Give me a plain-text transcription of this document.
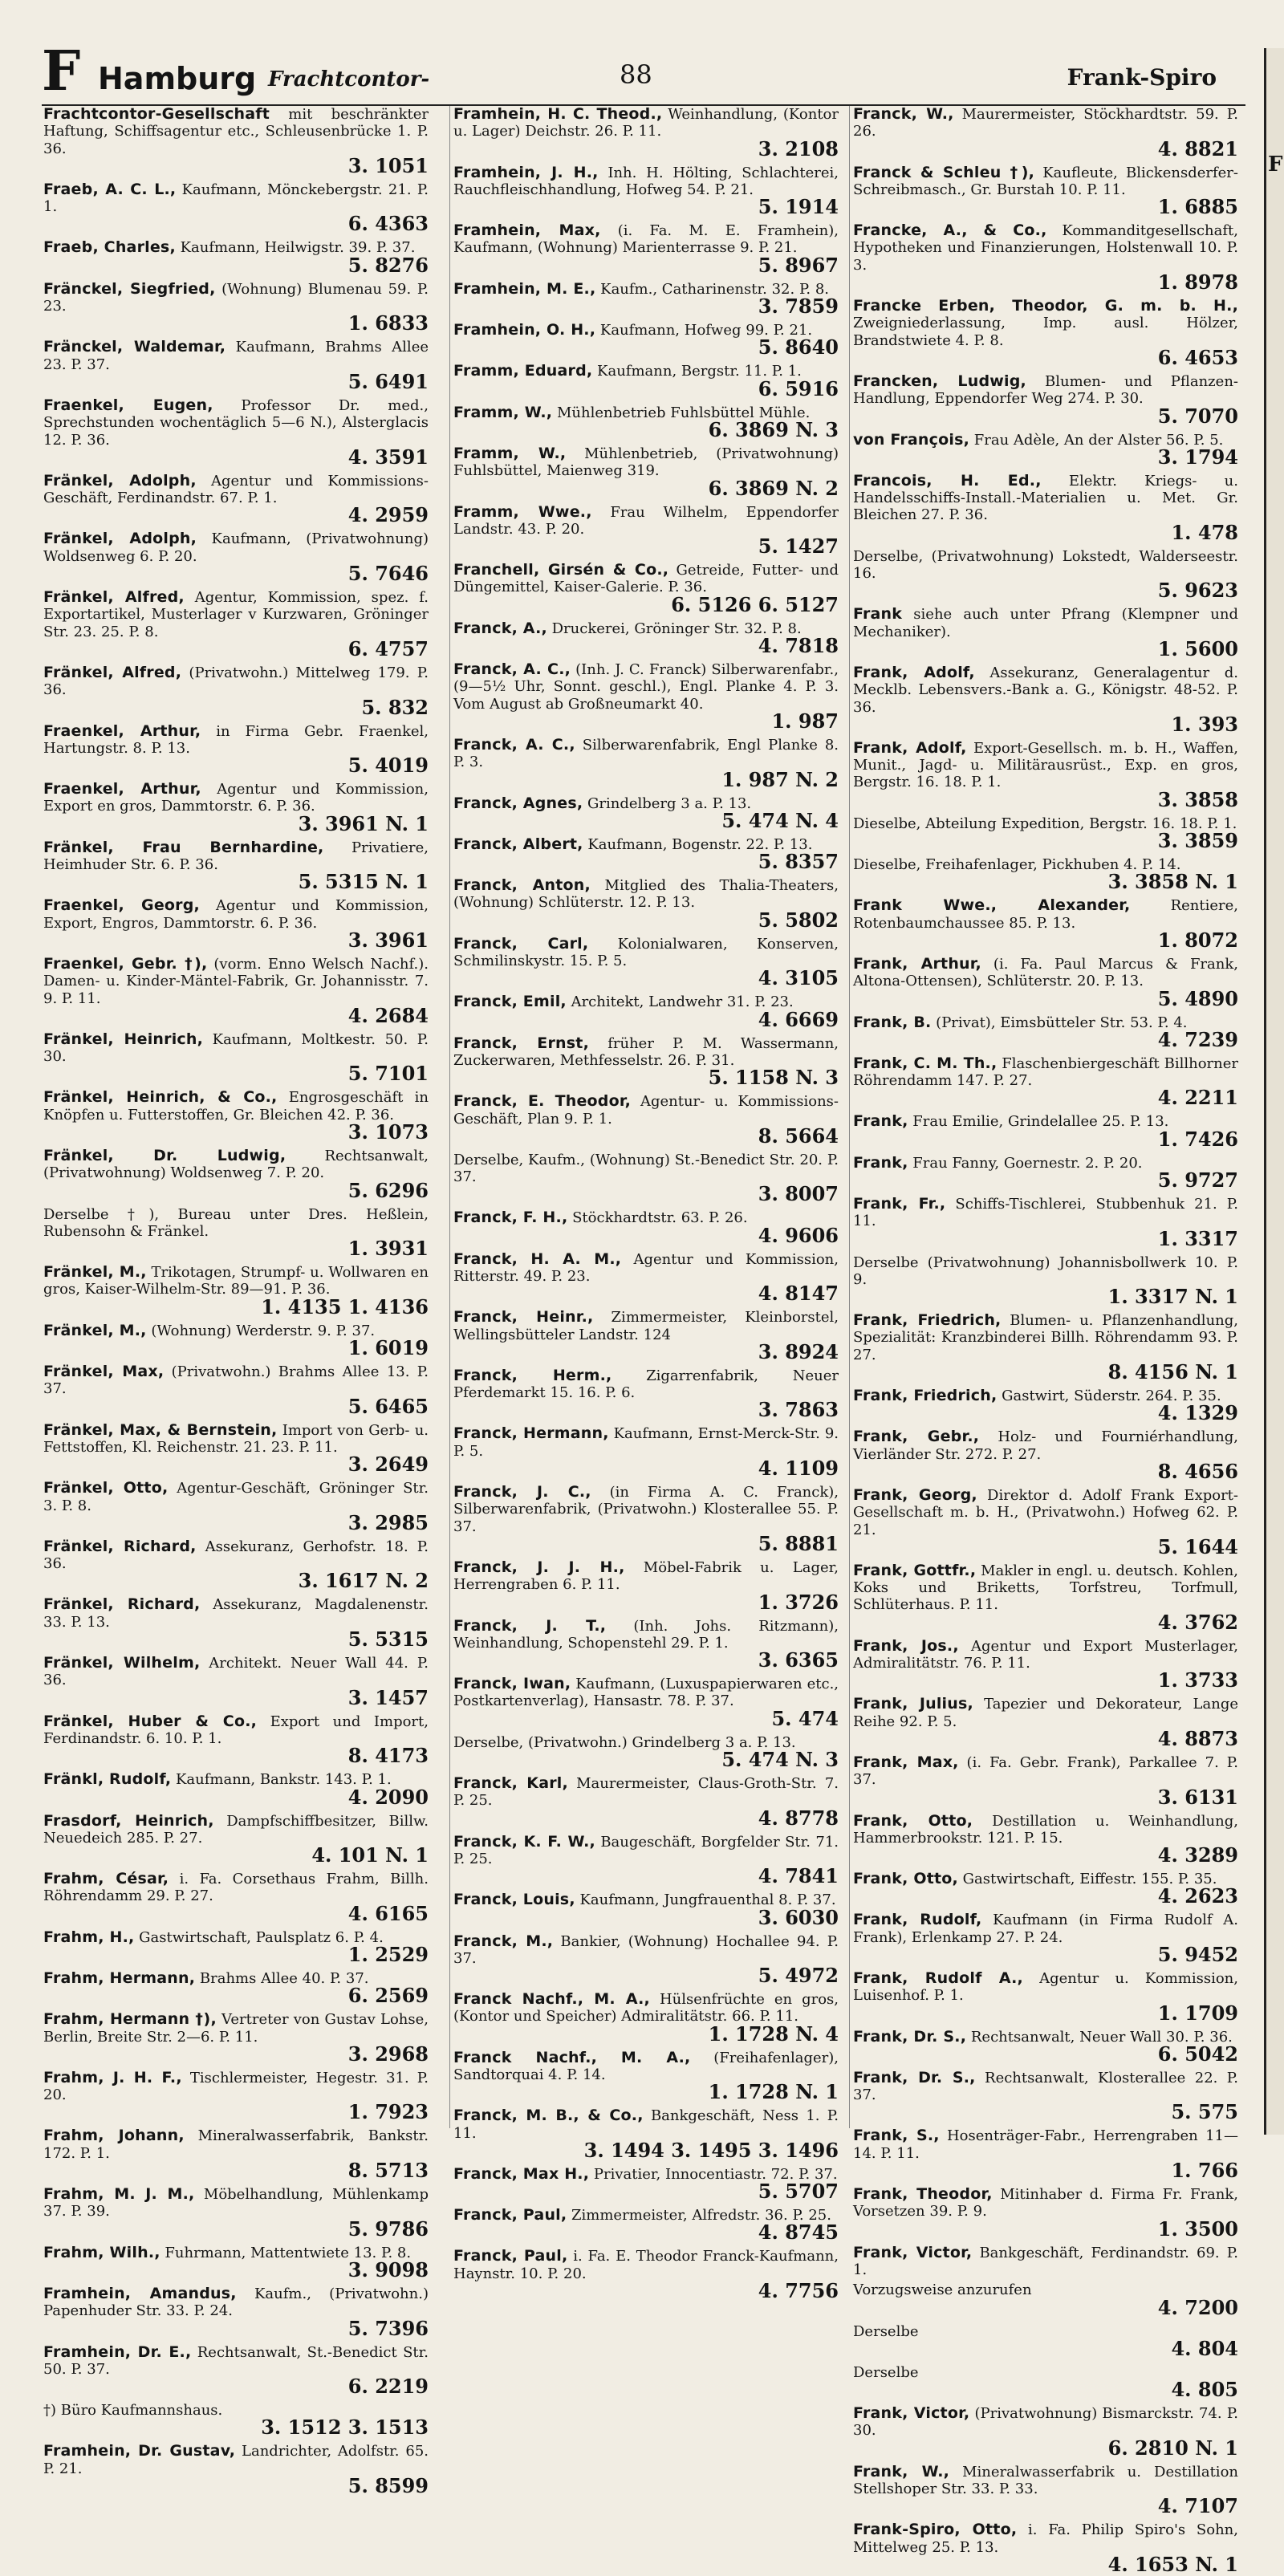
F Hamburg Frachtcontor-	88	Frank-Spiro
Frachtcontor-Gesellschaft mit beschränkter Haftung, Schiffsagentur etc., Schleusenbrücke 1. P. 36.
3. 1051
Fraeb, A. C. L., Kaufmann, Mönckebergstr. 21. P. 1.
6. 4363
Fraeb, Charles, Kaufmann, Heilwigstr. 39. P. 37.
5. 8276
Fränckel, Siegfried, (Wohnung) Blumenau 59. P. 23.
1. 6833
Fränckel, Waldemar, Kaufmann, Brahms Allee 23. P. 37.
5. 6491
Fraenkel, Eugen, Professor Dr. med., Sprechstunden wochentäglich 5—6 N.), Alsterglacis 12. P. 36.
4. 3591
Fränkel, Adolph, Agentur und Kommissions-Geschäft, Ferdinandstr. 67. P. 1.
4. 2959
Fränkel, Adolph, Kaufmann, (Privatwohnung) Woldsenweg 6. P. 20.
5. 7646
Fränkel, Alfred, Agentur, Kommission, spez. f. Exportartikel, Musterlager v Kurzwaren, Gröninger Str. 23. 25. P. 8.
6. 4757
Fränkel, Alfred, (Privatwohn.) Mittelweg 179. P. 36.
5. 832
Fraenkel, Arthur, in Firma Gebr. Fraenkel, Hartungstr. 8. P. 13.
5. 4019
Fraenkel, Arthur, Agentur und Kommission, Export en gros, Dammtorstr. 6. P. 36.
3. 3961 N. 1
Fränkel, Frau Bernhardine, Privatiere, Heimhuder Str. 6. P. 36.
5. 5315 N. 1
Fraenkel, Georg, Agentur und Kommission, Export, Engros, Dammtorstr. 6. P. 36.
3. 3961
Fraenkel, Gebr. †), (vorm. Enno Welsch Nachf.). Damen- u. Kinder-Mäntel-Fabrik, Gr. Johannisstr. 7. 9. P. 11.
4. 2684
Fränkel, Heinrich, Kaufmann, Moltkestr. 50. P. 30.
5. 7101
Fränkel, Heinrich, & Co., Engrosgeschäft in Knöpfen u. Futterstoffen, Gr. Bleichen 42. P. 36.
3. 1073
Fränkel, Dr. Ludwig, Rechtsanwalt, (Privatwohnung) Woldsenweg 7. P. 20.
5. 6296
Derselbe †), Bureau unter Dres. Heßlein, Rubensohn & Fränkel.
1. 3931
Fränkel, M., Trikotagen, Strumpf- u. Wollwaren en gros, Kaiser-Wilhelm-Str. 89—91. P. 36.
1. 4135 1. 4136
Fränkel, M., (Wohnung) Werderstr. 9. P. 37.
1. 6019
Fränkel, Max, (Privatwohn.) Brahms Allee 13. P. 37.
5. 6465
Fränkel, Max, & Bernstein, Import von Gerb- u. Fettstoffen, Kl. Reichenstr. 21. 23. P. 11.
3. 2649
Fränkel, Otto, Agentur-Geschäft, Gröninger Str. 3. P. 8.
3. 2985
Fränkel, Richard, Assekuranz, Gerhofstr. 18. P. 36.
3. 1617 N. 2
Fränkel, Richard, Assekuranz, Magdalenenstr. 33. P. 13.
5. 5315
Fränkel, Wilhelm, Architekt. Neuer Wall 44. P. 36.
3. 1457
Fränkel, Huber & Co., Export und Import, Ferdinandstr. 6. 10. P. 1.
8. 4173
Fränkl, Rudolf, Kaufmann, Bankstr. 143. P. 1.
4. 2090
Frasdorf, Heinrich, Dampfschiffbesitzer, Billw. Neuedeich 285. P. 27.
4. 101 N. 1
Frahm, César, i. Fa. Corsethaus Frahm, Billh. Röhrendamm 29. P. 27.
4. 6165
Frahm, H., Gastwirtschaft, Paulsplatz 6. P. 4.
1. 2529
Frahm, Hermann, Brahms Allee 40. P. 37.
6. 2569
Frahm, Hermann †), Vertreter von Gustav Lohse, Berlin, Breite Str. 2—6. P. 11.
3. 2968
Frahm, J. H. F., Tischlermeister, Hegestr. 31. P. 20.
1. 7923
Frahm, Johann, Mineralwasserfabrik, Bankstr. 172. P. 1.
8. 5713
Frahm, M. J. M., Möbelhandlung, Mühlenkamp 37. P. 39.
5. 9786
Frahm, Wilh., Fuhrmann, Mattentwiete 13. P. 8.
3. 9098
Framhein, Amandus, Kaufm., (Privatwohn.) Papenhuder Str. 33. P. 24.
5. 7396
Framhein, Dr. E., Rechtsanwalt, St.-Benedict Str. 50. P. 37.
6. 2219
†) Büro Kaufmannshaus.
3. 1512 3. 1513
Framhein, Dr. Gustav, Landrichter, Adolfstr. 65. P. 21.
5. 8599
Framhein, H. C. Theod., Weinhandlung, (Kontor u. Lager) Deichstr. 26. P. 11.
3. 2108
Framhein, J. H., Inh. H. Hölting, Schlachterei, Rauchfleischhandlung, Hofweg 54. P. 21.
5. 1914
Framhein, Max, (i. Fa. M. E. Framhein), Kaufmann, (Wohnung) Marienterrasse 9. P. 21.
5. 8967
Framhein, M. E., Kaufm., Catharinenstr. 32. P. 8.
3. 7859
Framhein, O. H., Kaufmann, Hofweg 99. P. 21.
5. 8640
Framm, Eduard, Kaufmann, Bergstr. 11. P. 1.
6. 5916
Framm, W., Mühlenbetrieb Fuhlsbüttel Mühle.
6. 3869 N. 3
Framm, W., Mühlenbetrieb, (Privatwohnung) Fuhlsbüttel, Maienweg 319.
6. 3869 N. 2
Framm, Wwe., Frau Wilhelm, Eppendorfer Landstr. 43. P. 20.
5. 1427
Franchell, Girsén & Co., Getreide, Futter- und Düngemittel, Kaiser-Galerie. P. 36.
6. 5126 6. 5127
Franck, A., Druckerei, Gröninger Str. 32. P. 8.
4. 7818
Franck, A. C., (Inh. J. C. Franck) Silberwarenfabr., (9—5½ Uhr, Sonnt. geschl.), Engl. Planke 4. P. 3. Vom August ab Großneumarkt 40.
1. 987
Franck, A. C., Silberwarenfabrik, Engl Planke 8. P. 3.
1. 987 N. 2
Franck, Agnes, Grindelberg 3 a. P. 13.
5. 474 N. 4
Franck, Albert, Kaufmann, Bogenstr. 22. P. 13.
5. 8357
Franck, Anton, Mitglied des Thalia-Theaters, (Wohnung) Schlüterstr. 12. P. 13.
5. 5802
Franck, Carl, Kolonialwaren, Konserven, Schmilinskystr. 15. P. 5.
4. 3105
Franck, Emil, Architekt, Landwehr 31. P. 23.
4. 6669
Franck, Ernst, früher P. M. Wassermann, Zuckerwaren, Methfesselstr. 26. P. 31.
5. 1158 N. 3
Franck, E. Theodor, Agentur- u. Kommissions-Geschäft, Plan 9. P. 1.
8. 5664
Derselbe, Kaufm., (Wohnung) St.-Benedict Str. 20. P. 37.
3. 8007
Franck, F. H., Stöckhardtstr. 63. P. 26.
4. 9606
Franck, H. A. M., Agentur und Kommission, Ritterstr. 49. P. 23.
4. 8147
Franck, Heinr., Zimmermeister, Kleinborstel, Wellingsbütteler Landstr. 124
3. 8924
Franck, Herm., Zigarrenfabrik, Neuer Pferdemarkt 15. 16. P. 6.
3. 7863
Franck, Hermann, Kaufmann, Ernst-Merck-Str. 9. P. 5.
4. 1109
Franck, J. C., (in Firma A. C. Franck), Silberwarenfabrik, (Privatwohn.) Klosterallee 55. P. 37.
5. 8881
Franck, J. J. H., Möbel-Fabrik u. Lager, Herrengraben 6. P. 11.
1. 3726
Franck, J. T., (Inh. Johs. Ritzmann), Weinhandlung, Schopenstehl 29. P. 1.
3. 6365
Franck, Iwan, Kaufmann, (Luxuspapierwaren etc., Postkartenverlag), Hansastr. 78. P. 37.
5. 474
Derselbe, (Privatwohn.) Grindelberg 3 a. P. 13.
5. 474 N. 3
Franck, Karl, Maurermeister, Claus-Groth-Str. 7. P. 25.
4. 8778
Franck, K. F. W., Baugeschäft, Borgfelder Str. 71. P. 25.
4. 7841
Franck, Louis, Kaufmann, Jungfrauenthal 8. P. 37.
3. 6030
Franck, M., Bankier, (Wohnung) Hochallee 94. P. 37.
5. 4972
Franck Nachf., M. A., Hülsenfrüchte en gros, (Kontor und Speicher) Admiralitätstr. 66. P. 11.
1. 1728 N. 4
Franck Nachf., M. A., (Freihafenlager), Sandtorquai 4. P. 14.
1. 1728 N. 1
Franck, M. B., & Co., Bankgeschäft, Ness 1. P. 11.
3. 1494 3. 1495 3. 1496
Franck, Max H., Privatier, Innocentiastr. 72. P. 37.
5. 5707
Franck, Paul, Zimmermeister, Alfredstr. 36. P. 25.
4. 8745
Franck, Paul, i. Fa. E. Theodor Franck-Kaufmann, Haynstr. 10. P. 20.
4. 7756
Franck, W., Maurermeister, Stöckhardtstr. 59. P. 26.
4. 8821
Franck & Schleu †), Kaufleute, Blickensderfer-Schreibmasch., Gr. Burstah 10. P. 11.
1. 6885
Francke, A., & Co., Kommanditgesellschaft, Hypotheken und Finanzierungen, Holstenwall 10. P. 3.
1. 8978
Francke Erben, Theodor, G. m. b. H., Zweigniederlassung, Imp. ausl. Hölzer, Brandstwiete 4. P. 8.
6. 4653
Francken, Ludwig, Blumen- und Pflanzen-Handlung, Eppendorfer Weg 274. P. 30.
5. 7070
von François, Frau Adèle, An der Alster 56. P. 5.
3. 1794
Francois, H. Ed., Elektr. Kriegs- u. Handelsschiffs-Install.-Materialien u. Met. Gr. Bleichen 27. P. 36.
1. 478
Derselbe, (Privatwohnung) Lokstedt, Walderseestr. 16.
5. 9623
Frank siehe auch unter Pfrang (Klempner und Mechaniker).
1. 5600
Frank, Adolf, Assekuranz, Generalagentur d. Mecklb. Lebensvers.-Bank a. G., Königstr. 48-52. P. 36.
1. 393
Frank, Adolf, Export-Gesellsch. m. b. H., Waffen, Munit., Jagd- u. Militärausrüst., Exp. en gros, Bergstr. 16. 18. P. 1.
3. 3858
Dieselbe, Abteilung Expedition, Bergstr. 16. 18. P. 1.
3. 3859
Dieselbe, Freihafenlager, Pickhuben 4. P. 14.
3. 3858 N. 1
Frank Wwe., Alexander, Rentiere, Rotenbaumchaussee 85. P. 13.
1. 8072
Frank, Arthur, (i. Fa. Paul Marcus & Frank, Altona-Ottensen), Schlüterstr. 20. P. 13.
5. 4890
Frank, B. (Privat), Eimsbütteler Str. 53. P. 4.
4. 7239
Frank, C. M. Th., Flaschenbiergeschäft Billhorner Röhrendamm 147. P. 27.
4. 2211
Frank, Frau Emilie, Grindelallee 25. P. 13.
1. 7426
Frank, Frau Fanny, Goernestr. 2. P. 20.
5. 9727
Frank, Fr., Schiffs-Tischlerei, Stubbenhuk 21. P. 11.
1. 3317
Derselbe (Privatwohnung) Johannisbollwerk 10. P. 9.
1. 3317 N. 1
Frank, Friedrich, Blumen- u. Pflanzenhandlung, Spezialität: Kranzbinderei Billh. Röhrendamm 93. P. 27.
8. 4156 N. 1
Frank, Friedrich, Gastwirt, Süderstr. 264. P. 35.
4. 1329
Frank, Gebr., Holz- und Fourniérhandlung, Vierländer Str. 272. P. 27.
8. 4656
Frank, Georg, Direktor d. Adolf Frank Export-Gesellschaft m. b. H., (Privatwohn.) Hofweg 62. P. 21.
5. 1644
Frank, Gottfr., Makler in engl. u. deutsch. Kohlen, Koks und Briketts, Torfstreu, Torfmull, Schlüterhaus. P. 11.
4. 3762
Frank, Jos., Agentur und Export Musterlager, Admiralitätstr. 76. P. 11.
1. 3733
Frank, Julius, Tapezier und Dekorateur, Lange Reihe 92. P. 5.
4. 8873
Frank, Max, (i. Fa. Gebr. Frank), Parkallee 7. P. 37.
3. 6131
Frank, Otto, Destillation u. Weinhandlung, Hammerbrookstr. 121. P. 15.
4. 3289
Frank, Otto, Gastwirtschaft, Eiffestr. 155. P. 35.
4. 2623
Frank, Rudolf, Kaufmann (in Firma Rudolf A. Frank), Erlenkamp 27. P. 24.
5. 9452
Frank, Rudolf A., Agentur u. Kommission, Luisenhof. P. 1.
1. 1709
Frank, Dr. S., Rechtsanwalt, Neuer Wall 30. P. 36.
6. 5042
Frank, Dr. S., Rechtsanwalt, Klosterallee 22. P. 37.
5. 575
Frank, S., Hosenträger-Fabr., Herrengraben 11—14. P. 11.
1. 766
Frank, Theodor, Mitinhaber d. Firma Fr. Frank, Vorsetzen 39. P. 9.
1. 3500
Frank, Victor, Bankgeschäft, Ferdinandstr. 69. P. 1.
Vorzugsweise anzurufen
4. 7200
Derselbe
4. 804
Derselbe
4. 805
Frank, Victor, (Privatwohnung) Bismarckstr. 74. P. 30.
6. 2810 N. 1
Frank, W., Mineralwasserfabrik u. Destillation Stellshoper Str. 33. P. 33.
4. 7107
Frank-Spiro, Otto, i. Fa. Philip Spiro's Sohn, Mittelweg 25. P. 13.
4. 1653 N. 1
F
